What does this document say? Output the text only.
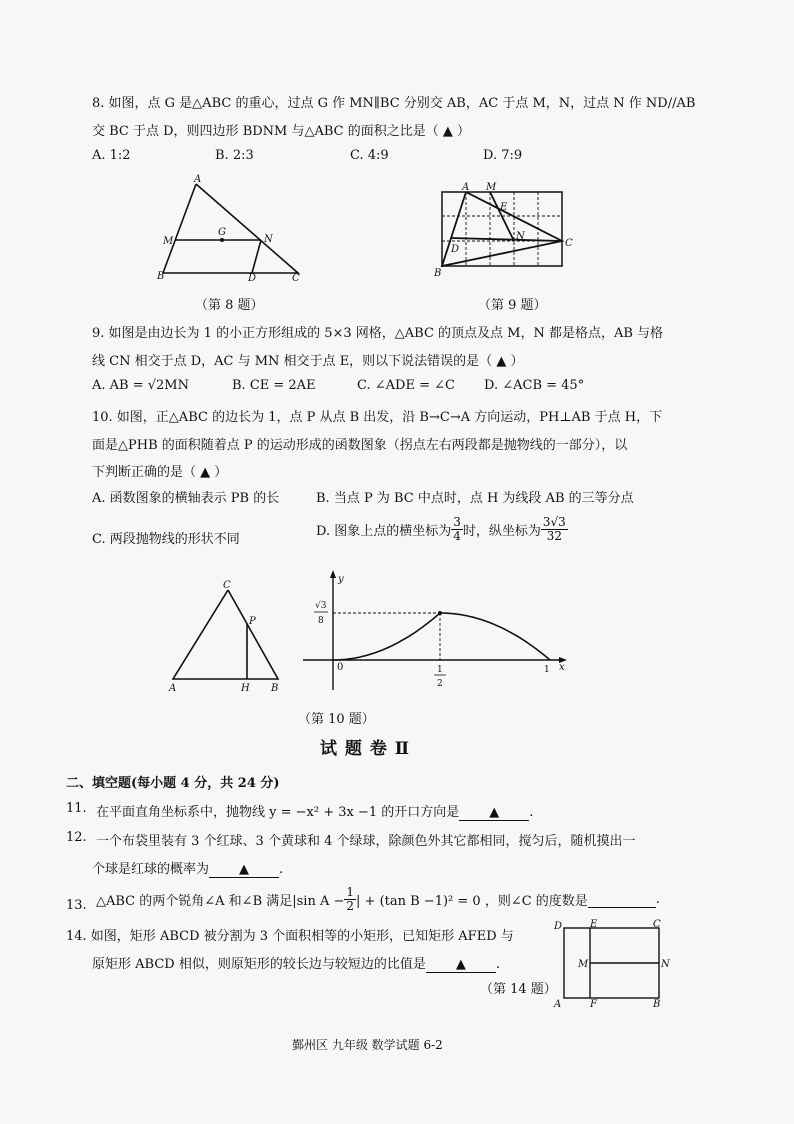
8. 如图，点 G 是△ABC 的重心，过点 G 作 MN∥BC 分别交 AB，AC 于点 M，N，过点 N 作 ND//AB
交 BC 于点 D，则四边形 BDNM 与△ABC 的面积之比是（ ▲ ）
A. 1:2	B. 2:3	C. 4:9	D. 7:9
A
M
G
N
B	D	C
（第 8 题）
A M
E
N
D
B
C
（第 9 题）
9. 如图是由边长为 1 的小正方形组成的 5×3 网格，△ABC 的顶点及点 M，N 都是格点，AB 与格
线 CN 相交于点 D，AC 与 MN 相交于点 E，则以下说法错误的是（ ▲ ）
A. AB = √2MN	B. CE = 2AE	C. ∠ADE = ∠C D. ∠ACB = 45°
10. 如图，正△ABC 的边长为 1，点 P 从点 B 出发，沿 B→C→A 方向运动，PH⊥AB 于点 H，下
面是△PHB 的面积随着点 P 的运动形成的函数图象（拐点左右两段都是抛物线的一部分），以
下判断正确的是（ ▲ ）
A. 函数图象的横轴表示 PB 的长	B. 当点 P 为 BC 中点时，点 H 为线段 AB 的三等分点
C. 两段抛物线的形状不同
D. 图象上点的横坐标为 $\frac{3}{4}$ 时，纵坐标为 $\frac{3√3}{32}$
C
P
A	H B
y
x
0
√3
8
1
2
1
（第 10 题）
试 题 卷 Ⅱ
二、填空题(每小题 4 分，共 24 分)
11. 在平面直角坐标系中，抛物线 y = −x² + 3x −1 的开口方向是 ▲ .
12. 一个布袋里装有 3 个红球、3 个黄球和 4 个绿球，除颜色外其它都相同，搅匀后，随机摸出一
个球是红球的概率为 ▲ .
13. △ABC 的两个锐角∠A 和∠B 满足|sin $A - \frac{1}{2}$ | + (tan B −1)² = 0 ，则∠C 的度数是	.
14. 如图，矩形 ABCD 被分割为 3 个面积相等的小矩形，已知矩形 AFED 与
原矩形 ABCD 相似，则原矩形的较长边与较短边的比值是 ▲ .
（第 14 题）
D	E	C
M	N
A	F	B
鄞州区 九年级 数学试题 6-2
